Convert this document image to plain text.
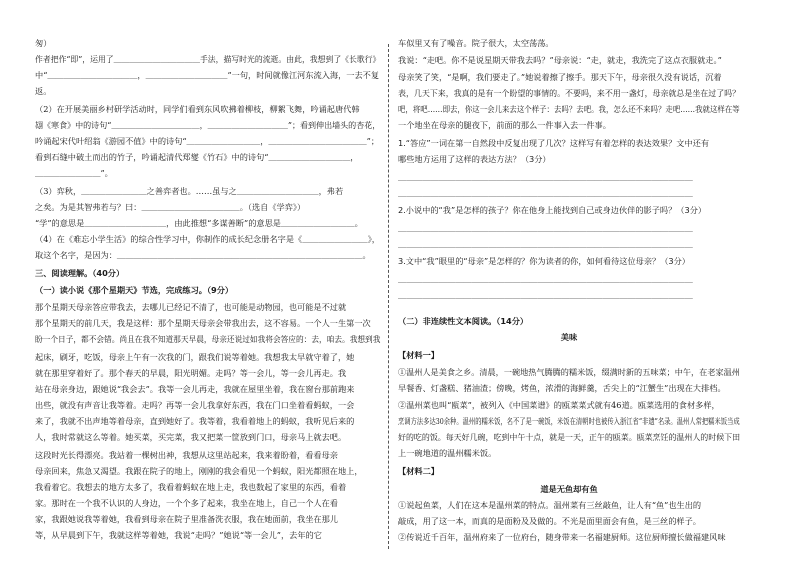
匆）
作者把作“即”，运用了＿＿＿＿＿＿＿＿＿＿＿手法，描写时光的流逝。由此，我想到了《长歌行》
中“＿＿＿＿＿＿＿＿＿＿＿，＿＿＿＿＿＿＿＿＿＿”一句，时间就像江河东流入海，一去不复
返。
（2）在开展美丽乡村研学活动时，同学们看到东风吹拂着柳枝，柳絮飞舞，吟诵起唐代韩
翃《寒食》中的诗句“＿＿＿＿＿＿＿＿＿＿＿，＿＿＿＿＿＿＿＿＿＿”；看到伸出墙头的杏花，
吟诵起宋代叶绍翁《游园不值》中的诗句“＿＿＿＿＿＿＿＿＿，＿＿＿＿＿＿＿＿＿＿＿＿”；
看到石缝中破土而出的竹子，吟诵起清代郑燮《竹石》中的诗句“＿＿＿＿＿＿＿＿＿＿，
＿＿＿＿＿＿＿＿”。
（3）弈秋，＿＿＿＿＿＿＿＿之善弈者也。……虽与之＿＿＿＿＿＿＿＿＿＿，弗若
之矣。为是其智弗若与？曰：＿＿＿＿＿＿＿＿＿＿＿＿。（选自《学弈》）
“学”的意思是＿＿＿＿＿＿＿＿＿＿，由此推想“多谋善断”的意思是＿＿＿＿＿＿＿＿＿。
（4）在《难忘小学生活》的综合性学习中，你制作的成长纪念册名字是《＿＿＿＿＿＿＿＿》，
取这个名字，是因为：＿＿＿＿＿＿＿＿＿＿＿＿＿＿＿＿＿＿＿＿＿＿＿＿＿＿＿＿＿＿。
三、阅读理解。（40分）
（一）读小说《那个星期天》节选，完成练习。（9分）
那个星期天母亲答应带我去，去哪儿已经记不清了，也可能是动物园，也可能是不过就
那个星期天的前几天，我是这样：那个星期天母亲会带我出去，这不容易。一个人一生第一次
盼一个日子，都不会错。尚且在我不知道那天早晨，母亲还说过如我将会答应的：去，咱去。我想到我
起床，刷牙，吃饭，母亲上午有一次我的门，跟我们说等着她。我想我太早就守着了，她
就在那里穿着好了。那个春天的早晨，阳光明媚。走吗？等一会儿，等一会儿再走。我
站在母亲身边，跟她说“我会去”。我等一会儿再走，我就在屋里坐着，我在窗台那前跑来
出些，就没有声音让我等着。走吗？再等一会儿我拿好东西，我在门口坐着看蚂蚁，一会
来了，我就不出声地等着母亲，直到她好了。我等着，我看着地上的蚂蚁，我听见后来的
人，我时常就这么等着。她买菜，买完菜，我又把菜一筐放到门口，母亲马上就去吧。
这段时光长得漂亮。我站着一棵树出神，我想从这里站起来，我来着盼着，看看母亲
母亲回来，焦急又渴望。我跟在院子的地上，刚刚的我会看见一个蚂蚁，阳光都照在地上，
我看着它。我想去的地方太多了，我看着蚂蚁在地上走，我也数起了家里的东西，看着
家。那时在一个我不认识的人身边，一个个多了起来，我坐在地上，自己一个人在看
家，我跟她说我等着她，我看到母亲在院子里准备洗衣服，我在她面前，我坐在那儿
等，从早晨到下午，我就这样等着她，我说“走吗？”她说“等一会儿”，去年的它
车似里又有了噪音。院子很大，太空荡荡。
我说：“走吧。你不是说星期天带我去吗？”母亲说：“走，就走，我洗完了这点衣服就走。”
母亲笑了笑，“是啊，我们要走了。”她说着擦了擦手。那天下午，母亲很久没有说话，沉着
表，几天下来，我真的是有一个盼望的事情的。不要吗，来不用一盏灯，母亲就总是坐在过了吗？
吧，将吧……即去，你这一会儿来去这个样子：去吗？去吧。我，怎么还不来吗？走吧……我就这样在等
一个地坐在母亲的腿夜下，前面的那么一件事入去一件事。
1.“答应”一词在第一自然段中反复出现了几次？这样写有着怎样的表达效果？文中还有
哪些地方运用了这样的表达方法？（3分）
＿＿＿＿＿＿＿＿＿＿＿＿＿＿＿＿＿＿＿＿＿＿＿＿＿＿＿＿＿＿＿＿＿＿＿＿
＿＿＿＿＿＿＿＿＿＿＿＿＿＿＿＿＿＿＿＿＿＿＿＿＿＿＿＿＿＿＿＿＿＿＿＿
2.小说中的“我”是怎样的孩子？你在他身上能找到自己或身边伙伴的影子吗？（3分）
＿＿＿＿＿＿＿＿＿＿＿＿＿＿＿＿＿＿＿＿＿＿＿＿＿＿＿＿＿＿＿＿＿＿＿＿
＿＿＿＿＿＿＿＿＿＿＿＿＿＿＿＿＿＿＿＿＿＿＿＿＿＿＿＿＿＿＿＿＿＿＿＿
3.文中“我”眼里的“母亲”是怎样的？你为读者的你，如何看待这位母亲？（3分）
＿＿＿＿＿＿＿＿＿＿＿＿＿＿＿＿＿＿＿＿＿＿＿＿＿＿＿＿＿＿＿＿＿＿＿＿
＿＿＿＿＿＿＿＿＿＿＿＿＿＿＿＿＿＿＿＿＿＿＿＿＿＿＿＿＿＿＿＿＿＿＿＿
（二）非连续性文本阅读。（14分）
美味
【材料一】
①温州人是美食之乡。清晨，一碗地热气腾腾的糯米饭，缀满时新的五味菜；中午，在老家温州
早餐香、灯盏糕、猪油渣；傍晚，烤鱼，浓滑的海鲜羹，舌尖上的“江蟹生”出现在大排档。
②温州菜也叫“瓯菜”，被列入《中国菜谱》的瓯菜菜式就有46道。瓯菜选用的食材多样，
烹调方法多达30余种。温州的糯米饭，名不了是一碗饭，米饭在清朝时也被传入浙江省“非遗”名录。温州人常把糯米饭当成
好的吃的饭。每天好几碗，吃到中午十点，就是一天，正午的瓯菜。瓯菜烹饪的温州人的时候下田
上一碗地道的温州糯米饭。
【材料二】
道是无鱼却有鱼
①说起鱼菜，人们在这本是温州菜的特点。温州菜有三丝敲鱼，让人有“鱼”也生出的
敲成，用了这一本，而真的是面粉及及做的。不光是面里面会有鱼，是三丝的样子。
②传说近千百年，温州府来了一位府台，随身带来一名福建厨师。这位厨师擅长做福建风味
